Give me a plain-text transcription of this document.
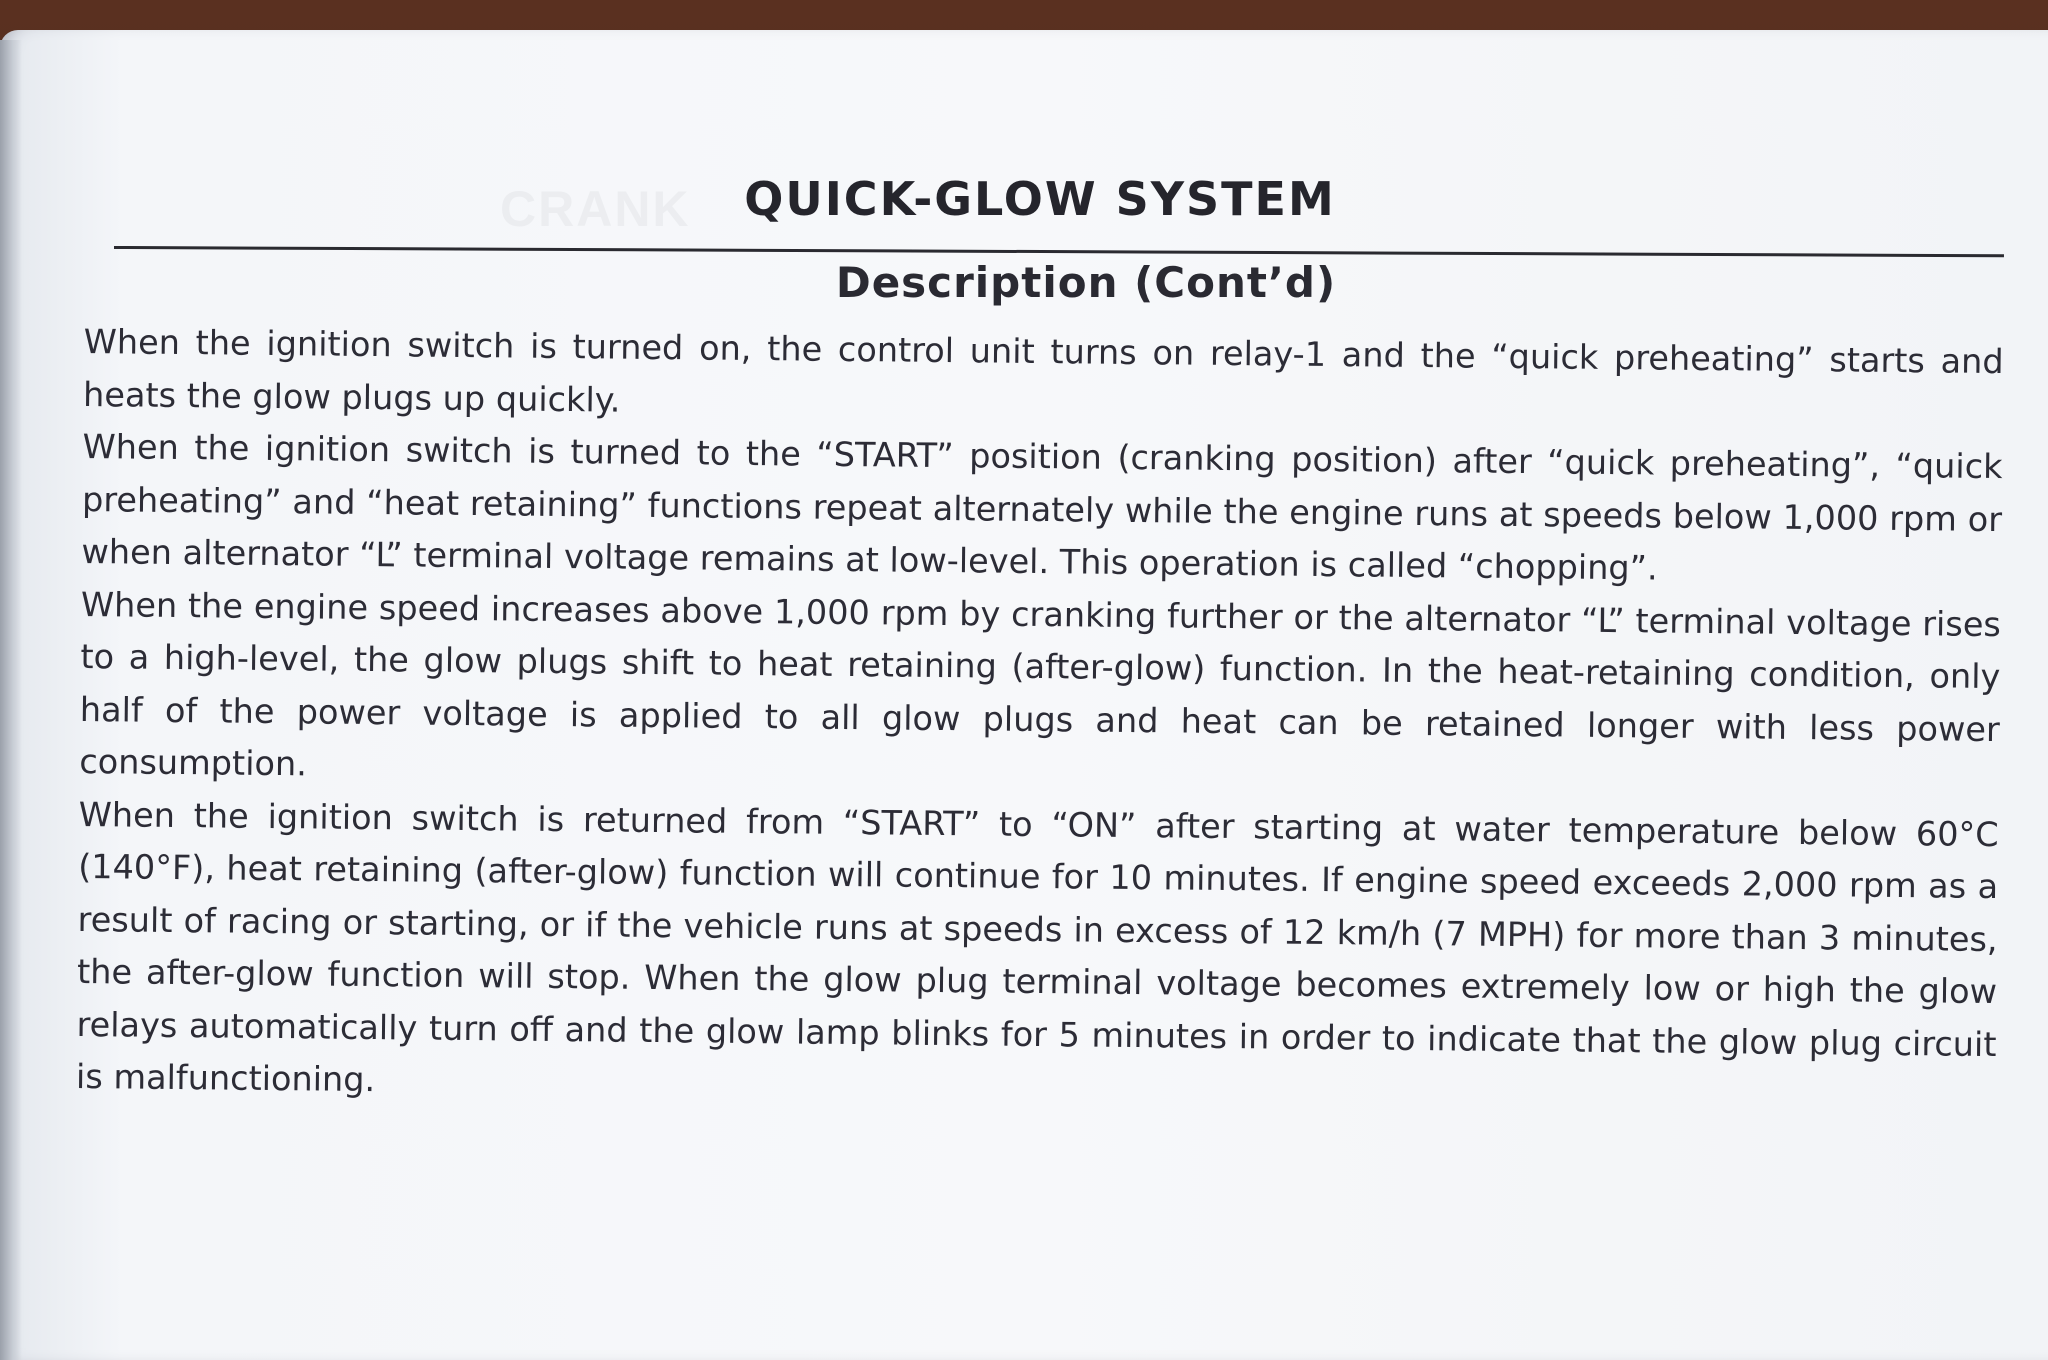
CRANK	QUICK-GLOW SYSTEM
Description (Cont’d)

When the ignition switch is turned on, the control unit turns on relay-1 and the “quick preheating” starts and heats the glow plugs up quickly.

When the ignition switch is turned to the “START” position (cranking position) after “quick preheating”, “quick preheating” and “heat retaining” functions repeat alternately while the engine runs at speeds below 1,000 rpm or when alternator “L” terminal voltage remains at low-level. This operation is called “chopping”.

When the engine speed increases above 1,000 rpm by cranking further or the alternator “L” terminal voltage rises to a high-level, the glow plugs shift to heat retaining (after-glow) function. In the heat-retaining condition, only half of the power voltage is applied to all glow plugs and heat can be retained longer with less power consumption.

When the ignition switch is returned from “START” to “ON” after starting at water temperature below 60°C (140°F), heat retaining (after-glow) function will continue for 10 minutes. If engine speed exceeds 2,000 rpm as a result of racing or starting, or if the vehicle runs at speeds in excess of 12 km/h (7 MPH) for more than 3 minutes, the after-glow function will stop. When the glow plug terminal voltage becomes extremely low or high the glow relays automatically turn off and the glow lamp blinks for 5 minutes in order to indicate that the glow plug circuit is malfunctioning.
